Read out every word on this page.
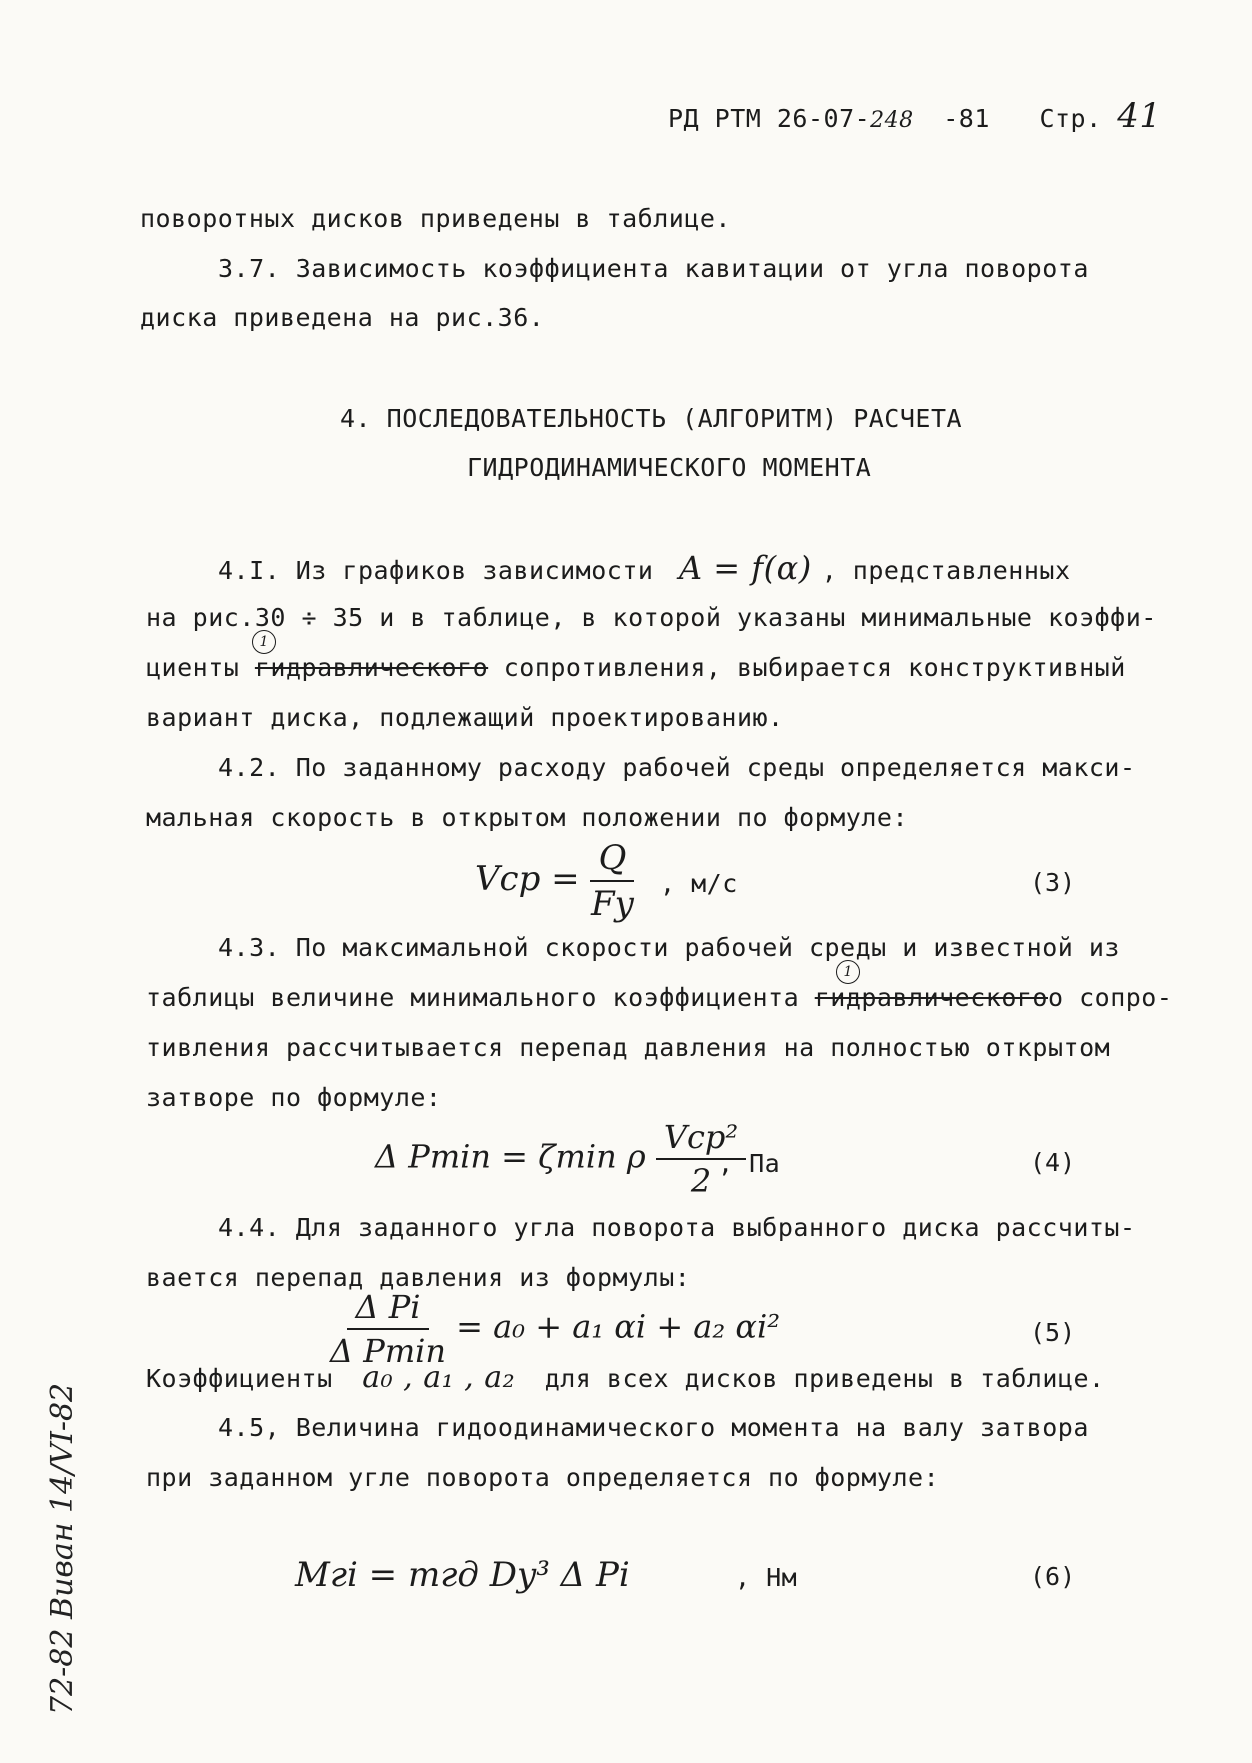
РД РТМ 26-07-248 -81 Стр. 41
поворотных дисков приведены в таблице.
3.7. Зависимость коэффициента кавитации от угла поворота
диска приведена на рис.36.
4. ПОСЛЕДОВАТЕЛЬНОСТЬ (АЛГОРИТМ) РАСЧЕТА
ГИДРОДИНАМИЧЕСКОГО МОМЕНТА
4.I. Из графиков зависимости A = f(α) , представленных
на рис.30 ÷ 35 и в таблице, в которой указаны минимальные коэффи-
1
циенты гидравлического сопротивления, выбирается конструктивный
вариант диска, подлежащий проектированию.
4.2. По заданному расходу рабочей среды определяется макси-
мальная скорость в открытом положении по формуле:
Vср = $\frac{Q}{Fy}$ , м/с	(3)
4.3. По максимальной скорости рабочей среды и известной из
1
таблицы величине минимального коэффициента гидравлическогоо сопро-
тивления рассчитывается перепад давления на полностью открытом
затворе по формуле:
Δ Pmin = ζmin ρ $\frac{\text{Vср²}}{2}$
, Па	(4)
4.4. Для заданного угла поворота выбранного диска рассчиты-
вается перепад давления из формулы:
$\frac{\text{Δ Pi}}{\text{Δ Pmin}} = a_0 + a_1$ αi + a₂ αi²	(5)
Коэффициенты a₀ , a₁ , a₂ для всех дисков приведены в таблице.
4.5, Величина гидоодинамического момента на валу затвора
при заданном угле поворота определяется по формуле:
Mгi = mгд Dy³ Δ Pi	, Нм	(6)
72-82 Виван 14/VI-82
